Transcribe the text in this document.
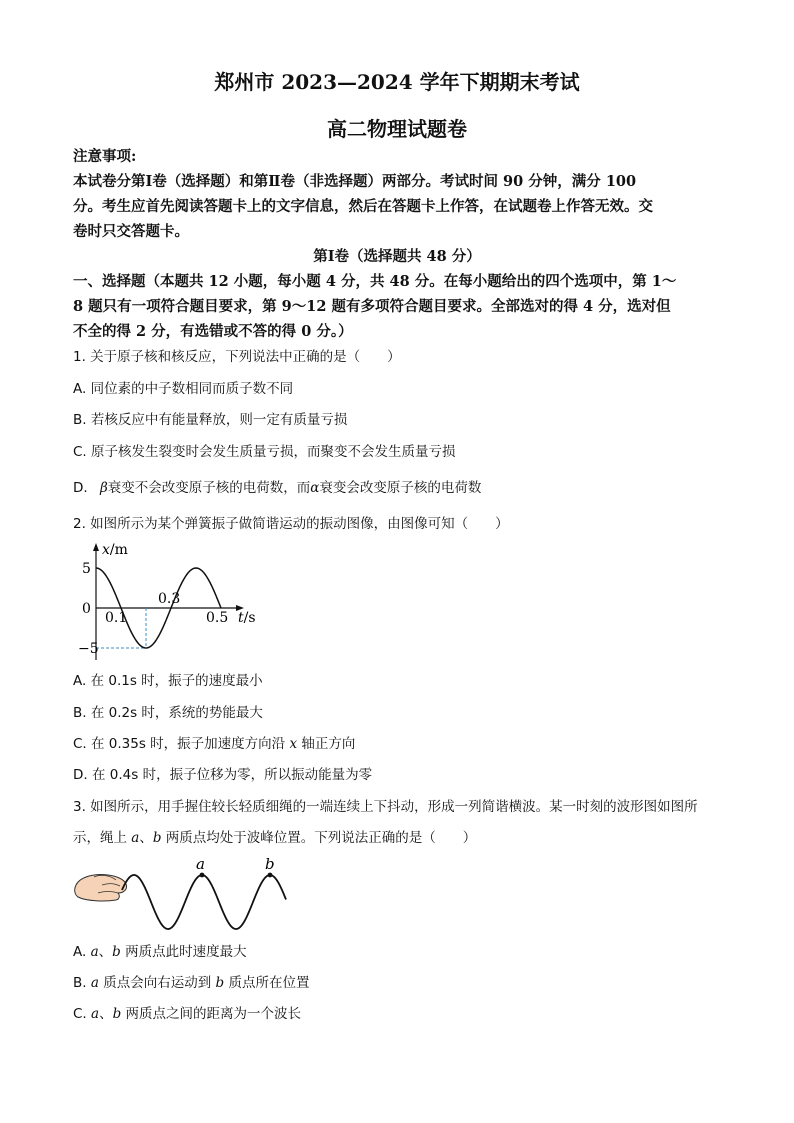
郑州市 2023—2024 学年下期期末考试
高二物理试题卷
注意事项:
本试卷分第Ⅰ卷（选择题）和第Ⅱ卷（非选择题）两部分。考试时间 90 分钟，满分 100
分。考生应首先阅读答题卡上的文字信息，然后在答题卡上作答，在试题卷上作答无效。交
卷时只交答题卡。
第Ⅰ卷（选择题共 48 分）
一、选择题（本题共 12 小题，每小题 4 分，共 48 分。在每小题给出的四个选项中，第 1～
8 题只有一项符合题目要求，第 9～12 题有多项符合题目要求。全部选对的得 4 分，选对但
不全的得 2 分，有选错或不答的得 0 分。）
1. 关于原子核和核反应，下列说法中正确的是（　　）
A. 同位素的中子数相同而质子数不同
B. 若核反应中有能量释放，则一定有质量亏损
C. 原子核发生裂变时会发生质量亏损，而聚变不会发生质量亏损
D. β衰变不会改变原子核的电荷数，而α衰变会改变原子核的电荷数
2. 如图所示为某个弹簧振子做简谐运动的振动图像，由图像可知（　　）
x/m
5
0
−5
0.1
0.3
0.5 t/s
A. 在 0.1s 时，振子的速度最小
B. 在 0.2s 时，系统的势能最大
C. 在 0.35s 时，振子加速度方向沿 x 轴正方向
D. 在 0.4s 时，振子位移为零，所以振动能量为零
3. 如图所示，用手握住较长轻质细绳的一端连续上下抖动，形成一列简谐横波。某一时刻的波形图如图所
示，绳上 a、b 两质点均处于波峰位置。下列说法正确的是（　　）
a	b
A. a、b 两质点此时速度最大
B. a 质点会向右运动到 b 质点所在位置
C. a、b 两质点之间的距离为一个波长
